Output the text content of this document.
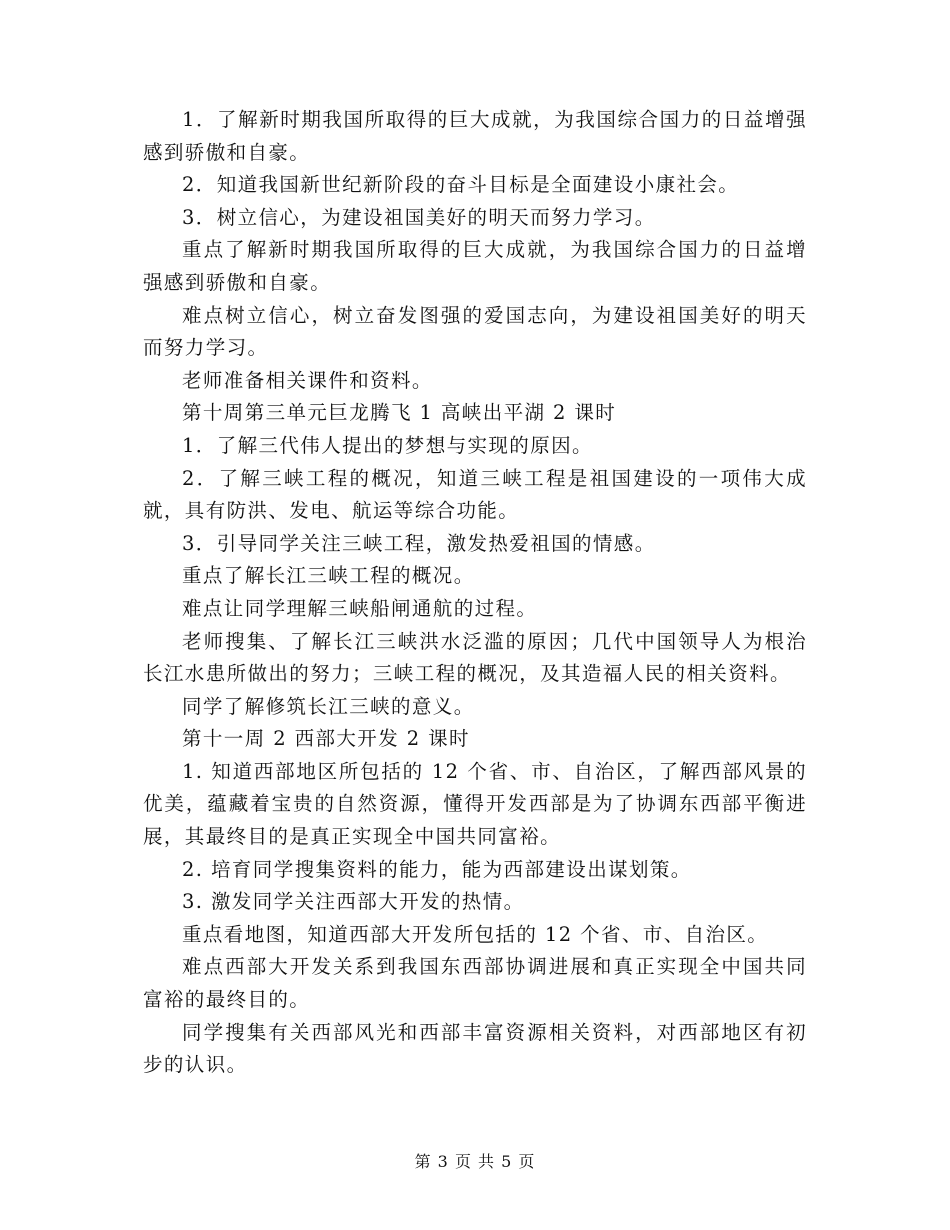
1．了解新时期我国所取得的巨大成就，为我国综合国力的日益增强感到骄傲和自豪。

2．知道我国新世纪新阶段的奋斗目标是全面建设小康社会。

3．树立信心，为建设祖国美好的明天而努力学习。

重点了解新时期我国所取得的巨大成就，为我国综合国力的日益增强感到骄傲和自豪。

难点树立信心，树立奋发图强的爱国志向，为建设祖国美好的明天而努力学习。

老师准备相关课件和资料。

第十周第三单元巨龙腾飞 1 高峡出平湖 2 课时

1．了解三代伟人提出的梦想与实现的原因。

2．了解三峡工程的概况，知道三峡工程是祖国建设的一项伟大成就，具有防洪、发电、航运等综合功能。

3．引导同学关注三峡工程，激发热爱祖国的情感。

重点了解长江三峡工程的概况。

难点让同学理解三峡船闸通航的过程。

老师搜集、了解长江三峡洪水泛滥的原因；几代中国领导人为根治长江水患所做出的努力；三峡工程的概况，及其造福人民的相关资料。

同学了解修筑长江三峡的意义。

第十一周 2 西部大开发 2 课时

1. 知道西部地区所包括的 12 个省、市、自治区，了解西部风景的优美，蕴藏着宝贵的自然资源，懂得开发西部是为了协调东西部平衡进展，其最终目的是真正实现全中国共同富裕。

2. 培育同学搜集资料的能力，能为西部建设出谋划策。

3. 激发同学关注西部大开发的热情。

重点看地图，知道西部大开发所包括的 12 个省、市、自治区。

难点西部大开发关系到我国东西部协调进展和真正实现全中国共同富裕的最终目的。

同学搜集有关西部风光和西部丰富资源相关资料，对西部地区有初步的认识。

第 3 页 共 5 页
